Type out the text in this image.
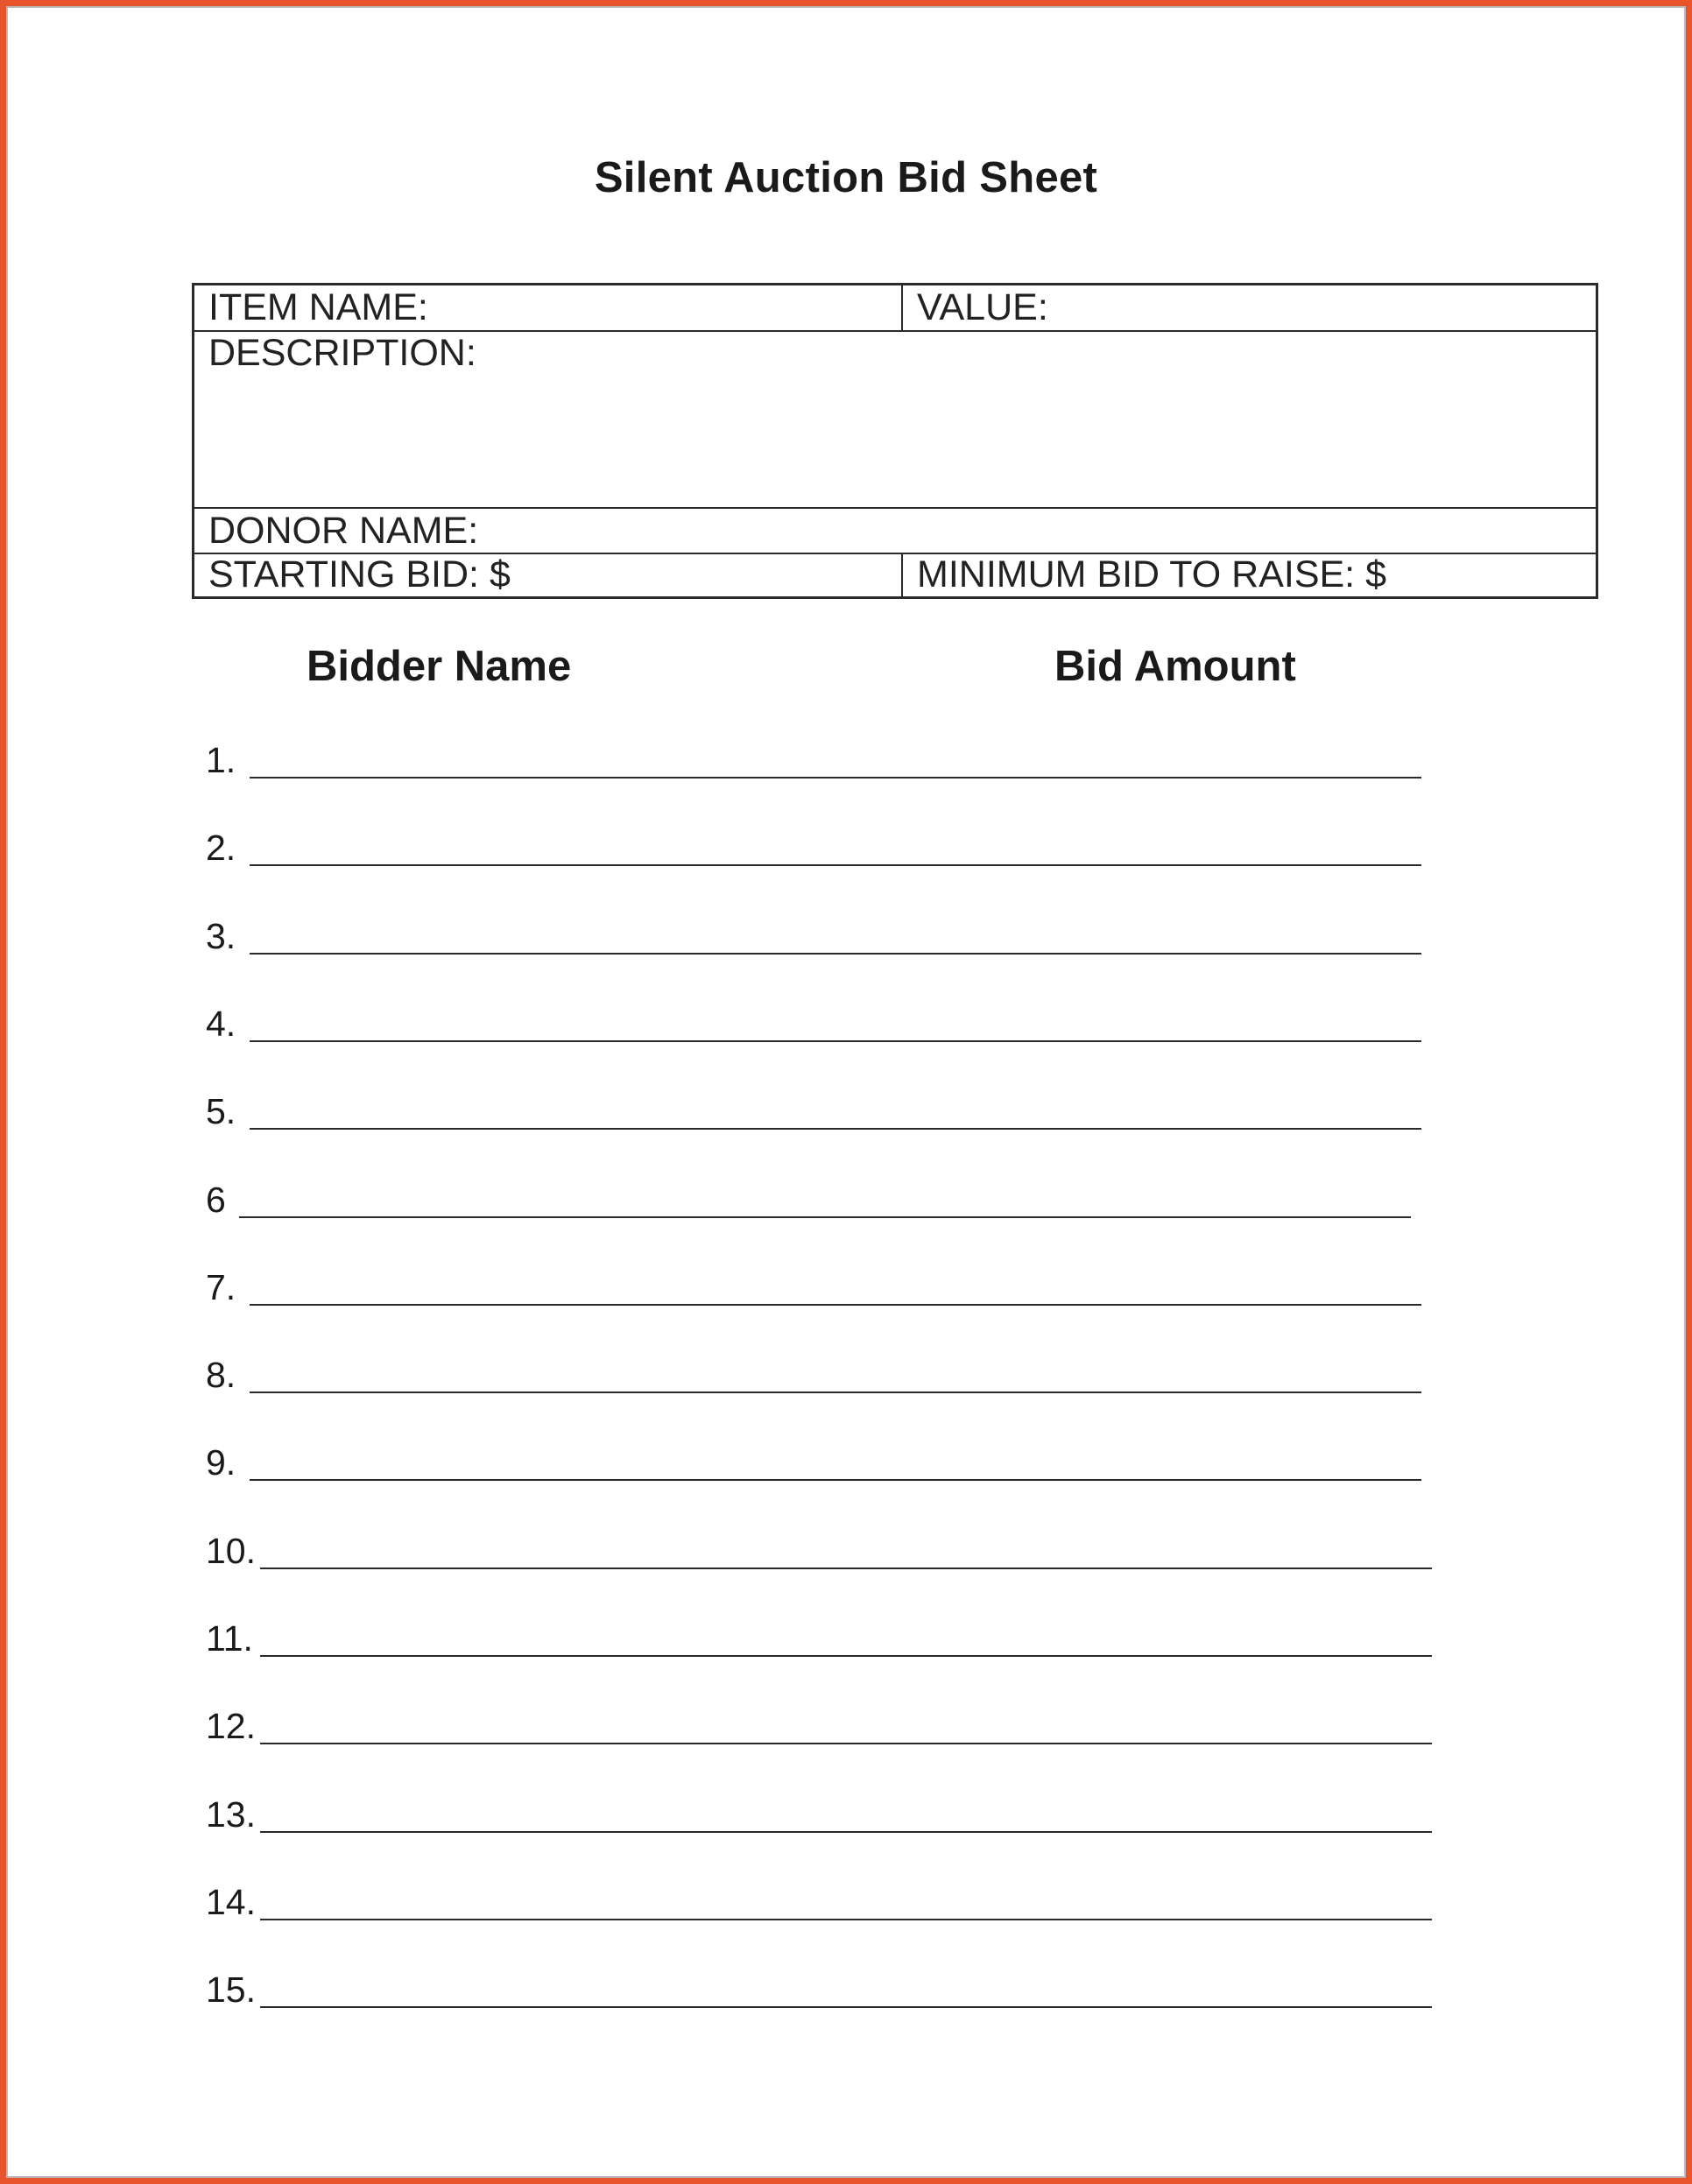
Silent Auction Bid Sheet
ITEM NAME:	VALUE:
DESCRIPTION:
DONOR NAME:
STARTING BID: $	MINIMUM BID TO RAISE: $
Bidder Name	Bid Amount
1.
2.
3.
4.
5.
6
7.
8.
9.
10.
11.
12.
13.
14.
15.
